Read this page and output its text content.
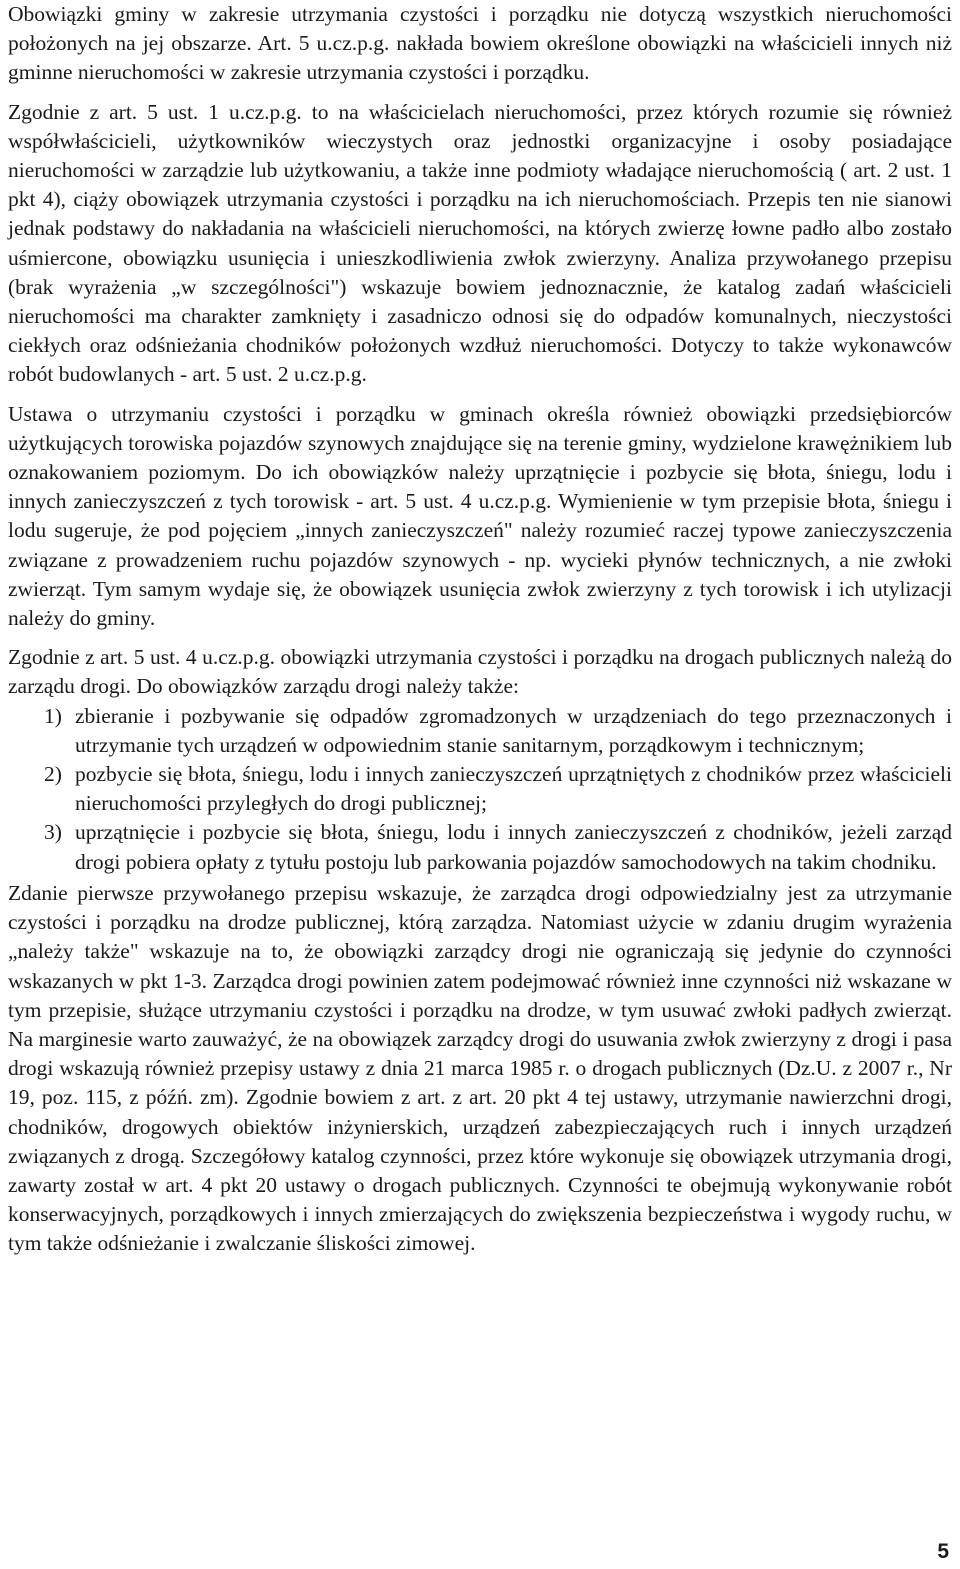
Obowiązki gminy w zakresie utrzymania czystości i porządku nie dotyczą wszystkich nieruchomości położonych na jej obszarze. Art. 5 u.cz.p.g. nakłada bowiem określone obowiązki na właścicieli innych niż gminne nieruchomości w zakresie utrzymania czystości i porządku.

Zgodnie z art. 5 ust. 1 u.cz.p.g. to na właścicielach nieruchomości, przez których rozumie się również współwłaścicieli, użytkowników wieczystych oraz jednostki organizacyjne i osoby posiadające nieruchomości w zarządzie lub użytkowaniu, a także inne podmioty władające nieruchomością ( art. 2 ust. 1 pkt 4), ciąży obowiązek utrzymania czystości i porządku na ich nieruchomościach. Przepis ten nie sianowi jednak podstawy do nakładania na właścicieli nieruchomości, na których zwierzę łowne padło albo zostało uśmiercone, obowiązku usunięcia i unieszkodliwienia zwłok zwierzyny. Analiza przywołanego przepisu (brak wyrażenia „w szczególności") wskazuje bowiem jednoznacznie, że katalog zadań właścicieli nieruchomości ma charakter zamknięty i zasadniczo odnosi się do odpadów komunalnych, nieczystości ciekłych oraz odśnieżania chodników położonych wzdłuż nieruchomości. Dotyczy to także wykonawców robót budowlanych - art. 5 ust. 2 u.cz.p.g.

Ustawa o utrzymaniu czystości i porządku w gminach określa również obowiązki przedsiębiorców użytkujących torowiska pojazdów szynowych znajdujące się na terenie gminy, wydzielone krawężnikiem lub oznakowaniem poziomym. Do ich obowiązków należy uprzątnięcie i pozbycie się błota, śniegu, lodu i innych zanieczyszczeń z tych torowisk - art. 5 ust. 4 u.cz.p.g. Wymienienie w tym przepisie błota, śniegu i lodu sugeruje, że pod pojęciem „innych zanieczyszczeń" należy rozumieć raczej typowe zanieczyszczenia związane z prowadzeniem ruchu pojazdów szynowych - np. wycieki płynów technicznych, a nie zwłoki zwierząt. Tym samym wydaje się, że obowiązek usunięcia zwłok zwierzyny z tych torowisk i ich utylizacji należy do gminy.

Zgodnie z art. 5 ust. 4 u.cz.p.g. obowiązki utrzymania czystości i porządku na drogach publicznych należą do zarządu drogi. Do obowiązków zarządu drogi należy także:

1) zbieranie i pozbywanie się odpadów zgromadzonych w urządzeniach do tego przeznaczonych i utrzymanie tych urządzeń w odpowiednim stanie sanitarnym, porządkowym i technicznym;
2) pozbycie się błota, śniegu, lodu i innych zanieczyszczeń uprzątniętych z chodników przez właścicieli nieruchomości przyległych do drogi publicznej;
3) uprzątnięcie i pozbycie się błota, śniegu, lodu i innych zanieczyszczeń z chodników, jeżeli zarząd drogi pobiera opłaty z tytułu postoju lub parkowania pojazdów samochodowych na takim chodniku.

Zdanie pierwsze przywołanego przepisu wskazuje, że zarządca drogi odpowiedzialny jest za utrzymanie czystości i porządku na drodze publicznej, którą zarządza. Natomiast użycie w zdaniu drugim wyrażenia „należy także" wskazuje na to, że obowiązki zarządcy drogi nie ograniczają się jedynie do czynności wskazanych w pkt 1-3. Zarządca drogi powinien zatem podejmować również inne czynności niż wskazane w tym przepisie, służące utrzymaniu czystości i porządku na drodze, w tym usuwać zwłoki padłych zwierząt. Na marginesie warto zauważyć, że na obowiązek zarządcy drogi do usuwania zwłok zwierzyny z drogi i pasa drogi wskazują również przepisy ustawy z dnia 21 marca 1985 r. o drogach publicznych (Dz.U. z 2007 r., Nr 19, poz. 115, z późń. zm). Zgodnie bowiem z art. z art. 20 pkt 4 tej ustawy, utrzymanie nawierzchni drogi, chodników, drogowych obiektów inżynierskich, urządzeń zabezpieczających ruch i innych urządzeń związanych z drogą. Szczegółowy katalog czynności, przez które wykonuje się obowiązek utrzymania drogi, zawarty został w art. 4 pkt 20 ustawy o drogach publicznych. Czynności te obejmują wykonywanie robót konserwacyjnych, porządkowych i innych zmierzających do zwiększenia bezpieczeństwa i wygody ruchu, w tym także odśnieżanie i zwalczanie śliskości zimowej.

5
